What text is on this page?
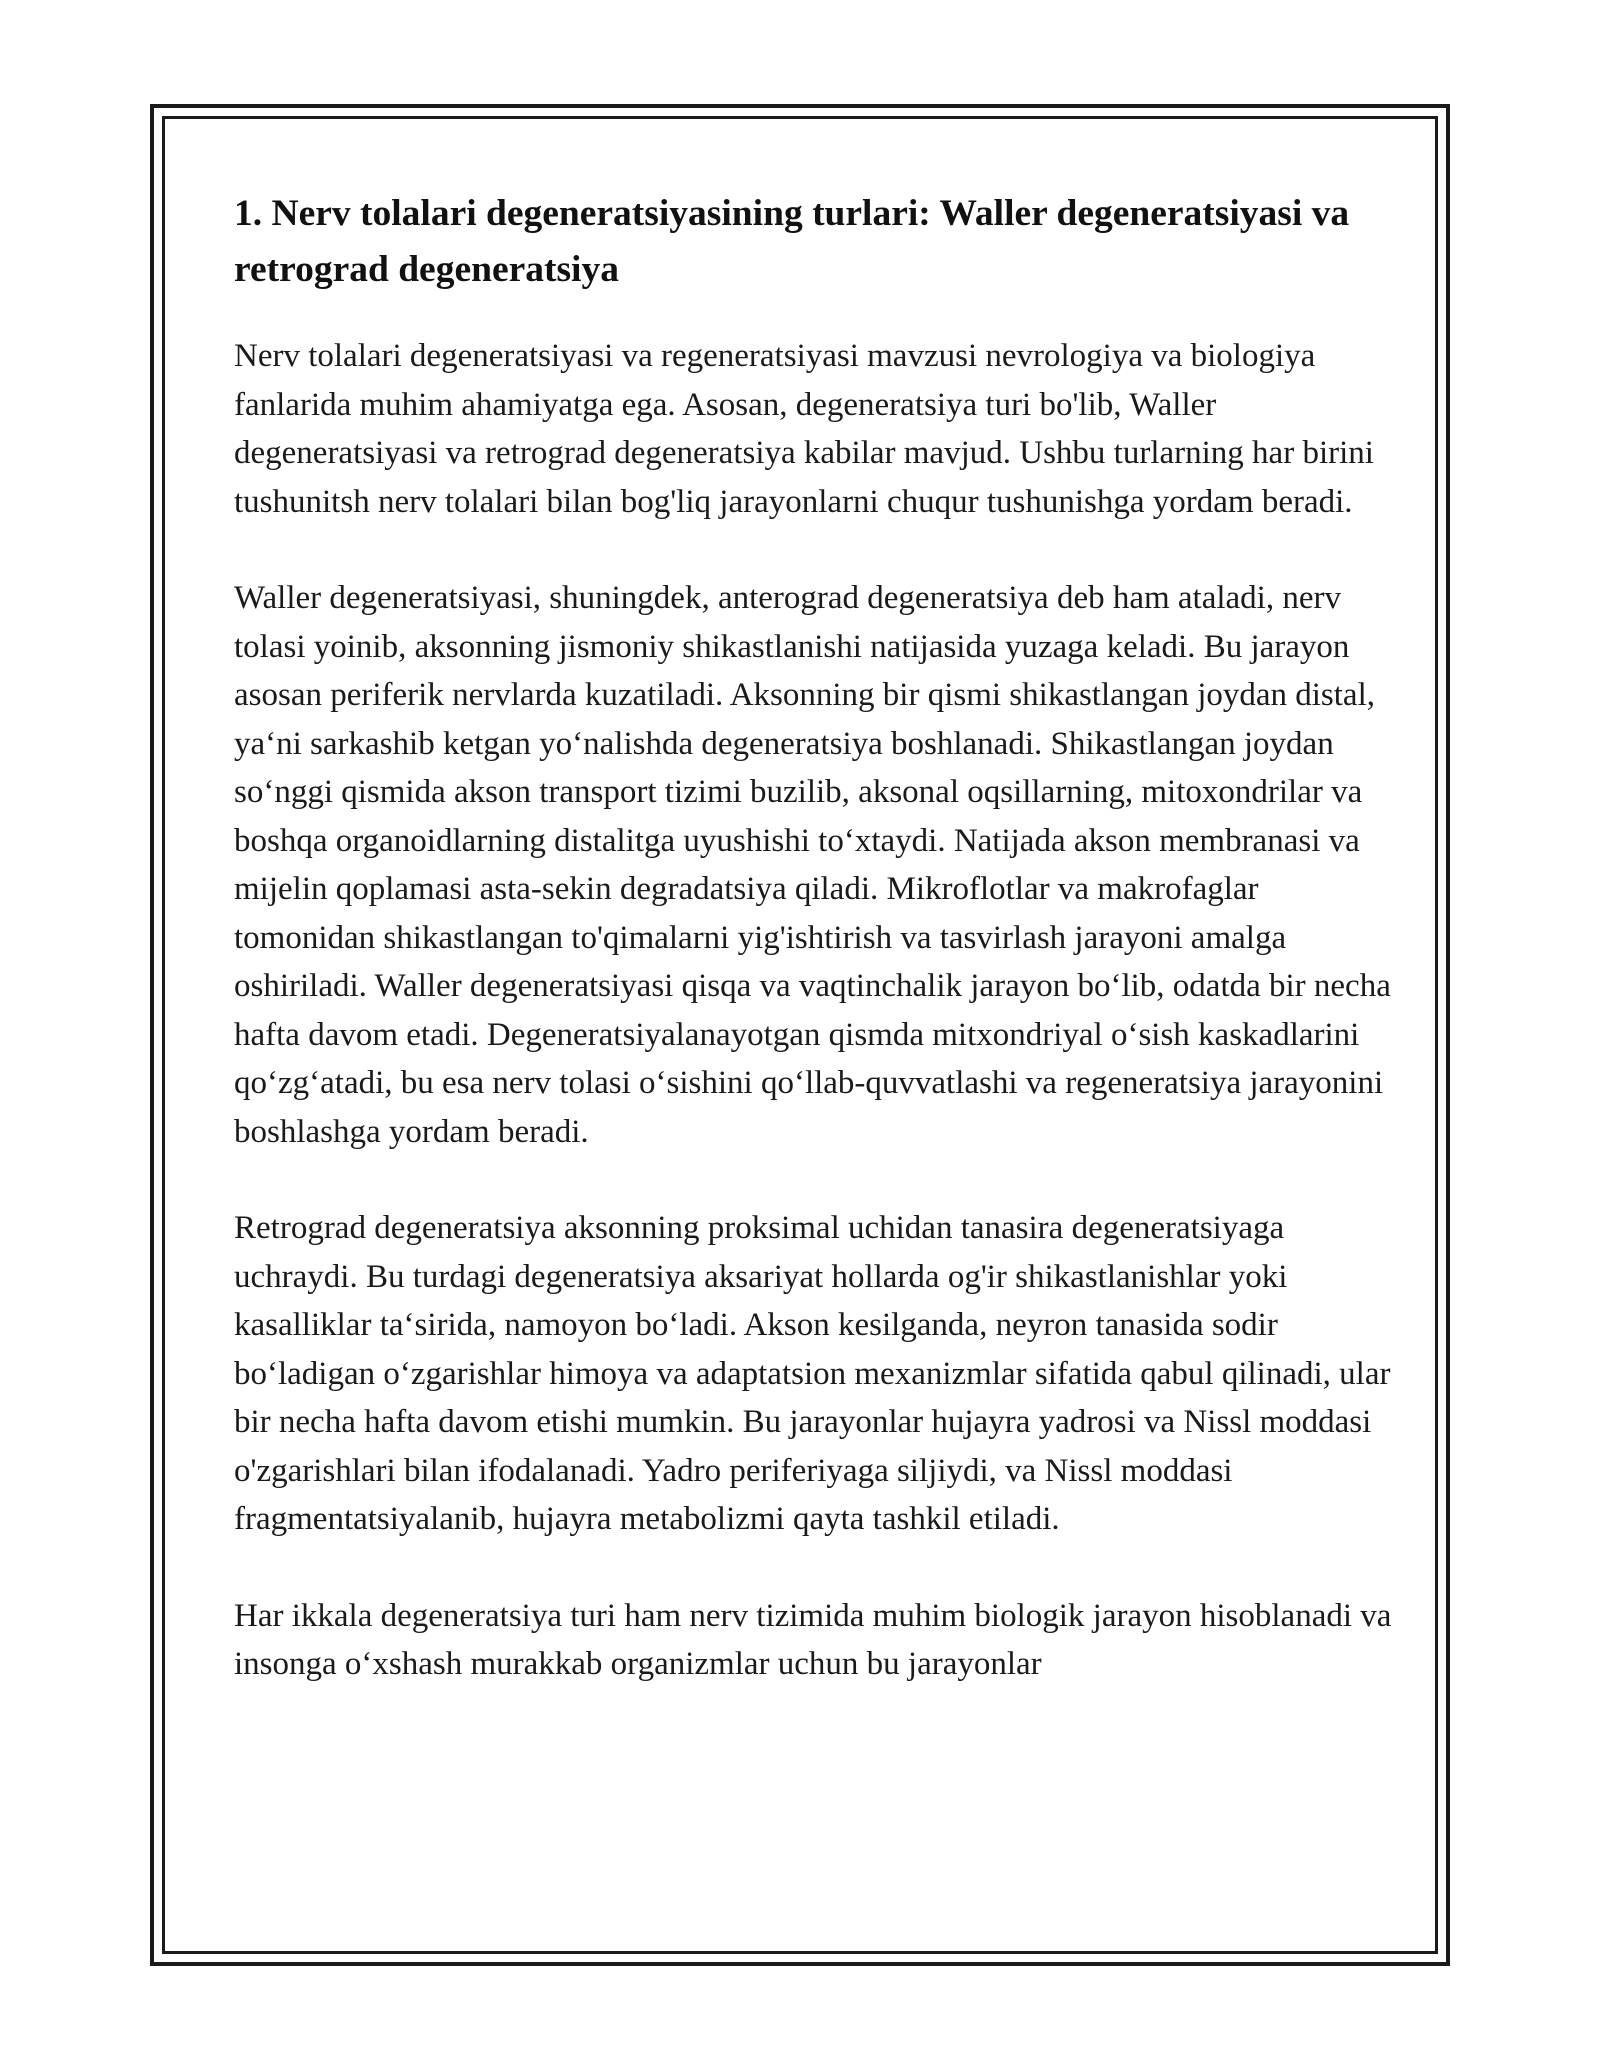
1. Nerv tolalari degeneratsiyasining turlari: Waller degeneratsiyasi va retrograd degeneratsiya

Nerv tolalari degeneratsiyasi va regeneratsiyasi mavzusi nevrologiya va biologiya fanlarida muhim ahamiyatga ega. Asosan, degeneratsiya turi bo'lib, Waller degeneratsiyasi va retrograd degeneratsiya kabilar mavjud. Ushbu turlarning har birini tushunitsh nerv tolalari bilan bog'liq jarayonlarni chuqur tushunishga yordam beradi.

Waller degeneratsiyasi, shuningdek, anterograd degeneratsiya deb ham ataladi, nerv tolasi yoinib, aksonning jismoniy shikastlanishi natijasida yuzaga keladi. Bu jarayon asosan periferik nervlarda kuzatiladi. Aksonning bir qismi shikastlangan joydan distal, ya‘ni sarkashib ketgan yo‘nalishda degeneratsiya boshlanadi. Shikastlangan joydan so‘nggi qismida akson transport tizimi buzilib, aksonal oqsillarning, mitoxondrilar va boshqa organoidlarning distalitga uyushishi to‘xtaydi. Natijada akson membranasi va mijelin qoplamasi asta-sekin degradatsiya qiladi. Mikroflotlar va makrofaglar tomonidan shikastlangan to'qimalarni yig'ishtirish va tasvirlash jarayoni amalga oshiriladi. Waller degeneratsiyasi qisqa va vaqtinchalik jarayon bo‘lib, odatda bir necha hafta davom etadi. Degeneratsiyalanayotgan qismda mitxondriyal o‘sish kaskadlarini qo‘zg‘atadi, bu esa nerv tolasi o‘sishini qo‘llab-quvvatlashi va regeneratsiya jarayonini boshlashga yordam beradi.

Retrograd degeneratsiya aksonning proksimal uchidan tanasira degeneratsiyaga uchraydi. Bu turdagi degeneratsiya aksariyat hollarda og'ir shikastlanishlar yoki kasalliklar ta‘sirida, namoyon bo‘ladi. Akson kesilganda, neyron tanasida sodir bo‘ladigan o‘zgarishlar himoya va adaptatsion mexanizmlar sifatida qabul qilinadi, ular bir necha hafta davom etishi mumkin. Bu jarayonlar hujayra yadrosi va Nissl moddasi o'zgarishlari bilan ifodalanadi. Yadro periferiyaga siljiydi, va Nissl moddasi fragmentatsiyalanib, hujayra metabolizmi qayta tashkil etiladi.

Har ikkala degeneratsiya turi ham nerv tizimida muhim biologik jarayon hisoblanadi va insonga o‘xshash murakkab organizmlar uchun bu jarayonlar
